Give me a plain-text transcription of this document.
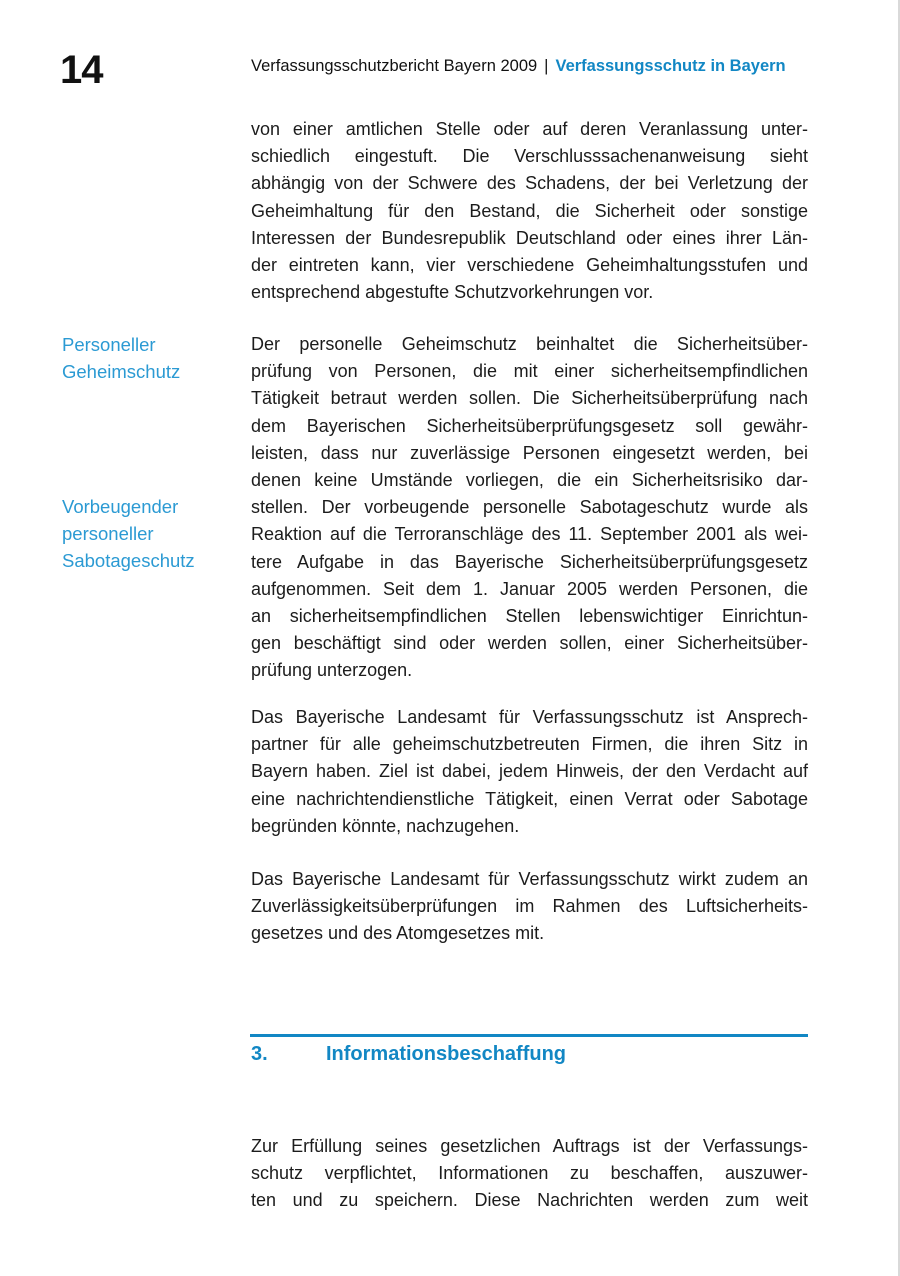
14	Verfassungsschutzbericht Bayern 2009 | Verfassungsschutz in Bayern
von einer amtlichen Stelle oder auf deren Veranlassung unter-
schiedlich eingestuft. Die Verschlusssachenanweisung sieht
abhängig von der Schwere des Schadens, der bei Verletzung der
Geheimhaltung für den Bestand, die Sicherheit oder sonstige
Interessen der Bundesrepublik Deutschland oder eines ihrer Län-
der eintreten kann, vier verschiedene Geheimhaltungsstufen und
entsprechend abgestufte Schutzvorkehrungen vor.
Personeller
Geheimschutz
Vorbeugender
personeller
Sabotageschutz
Der personelle Geheimschutz beinhaltet die Sicherheitsüber-
prüfung von Personen, die mit einer sicherheitsempfindlichen
Tätigkeit betraut werden sollen. Die Sicherheitsüberprüfung nach
dem Bayerischen Sicherheitsüberprüfungsgesetz soll gewähr-
leisten, dass nur zuverlässige Personen eingesetzt werden, bei
denen keine Umstände vorliegen, die ein Sicherheitsrisiko dar-
stellen. Der vorbeugende personelle Sabotageschutz wurde als
Reaktion auf die Terroranschläge des 11. September 2001 als wei-
tere Aufgabe in das Bayerische Sicherheitsüberprüfungsgesetz
aufgenommen. Seit dem 1. Januar 2005 werden Personen, die
an sicherheitsempfindlichen Stellen lebenswichtiger Einrichtun-
gen beschäftigt sind oder werden sollen, einer Sicherheitsüber-
prüfung unterzogen.
Das Bayerische Landesamt für Verfassungsschutz ist Ansprech-
partner für alle geheimschutzbetreuten Firmen, die ihren Sitz in
Bayern haben. Ziel ist dabei, jedem Hinweis, der den Verdacht auf
eine nachrichtendienstliche Tätigkeit, einen Verrat oder Sabotage
begründen könnte, nachzugehen.
Das Bayerische Landesamt für Verfassungsschutz wirkt zudem an
Zuverlässigkeitsüberprüfungen im Rahmen des Luftsicherheits-
gesetzes und des Atomgesetzes mit.
3.	Informationsbeschaffung
Zur Erfüllung seines gesetzlichen Auftrags ist der Verfassungs-
schutz verpflichtet, Informationen zu beschaffen, auszuwer-
ten und zu speichern. Diese Nachrichten werden zum weit
